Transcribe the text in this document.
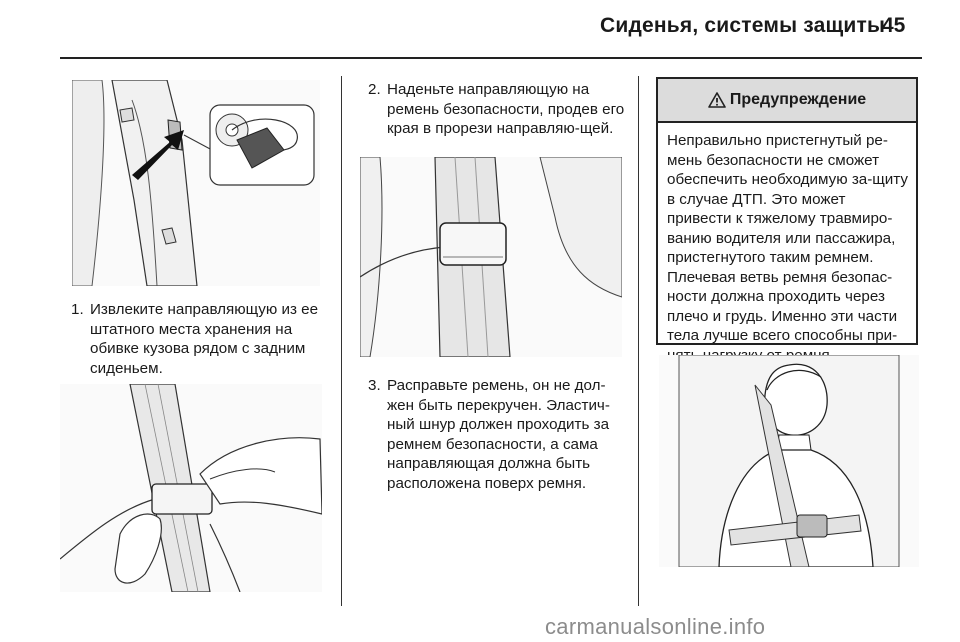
Сиденья, системы защиты
45
1. Извлеките направляющую из ее штатного места хранения на обивке кузова рядом с задним сиденьем.
2. Наденьте направляющую на ремень безопасности, продев его края в прорези направляю-щей.
3. Расправьте ремень, он не дол-жен быть перекручен. Эластич-ный шнур должен проходить за ремнем безопасности, а сама направляющая должна быть расположена поверх ремня.
Предупреждение
Неправильно пристегнутый ре-мень безопасности не сможет обеспечить необходимую за-щиту в случае ДТП. Это может привести к тяжелому травмиро-ванию водителя или пассажира, пристегнутого таким ремнем. Плечевая ветвь ремня безопас-ности должна проходить через плечо и грудь. Именно эти части тела лучше всего способны при-
carmanualsonline.info
